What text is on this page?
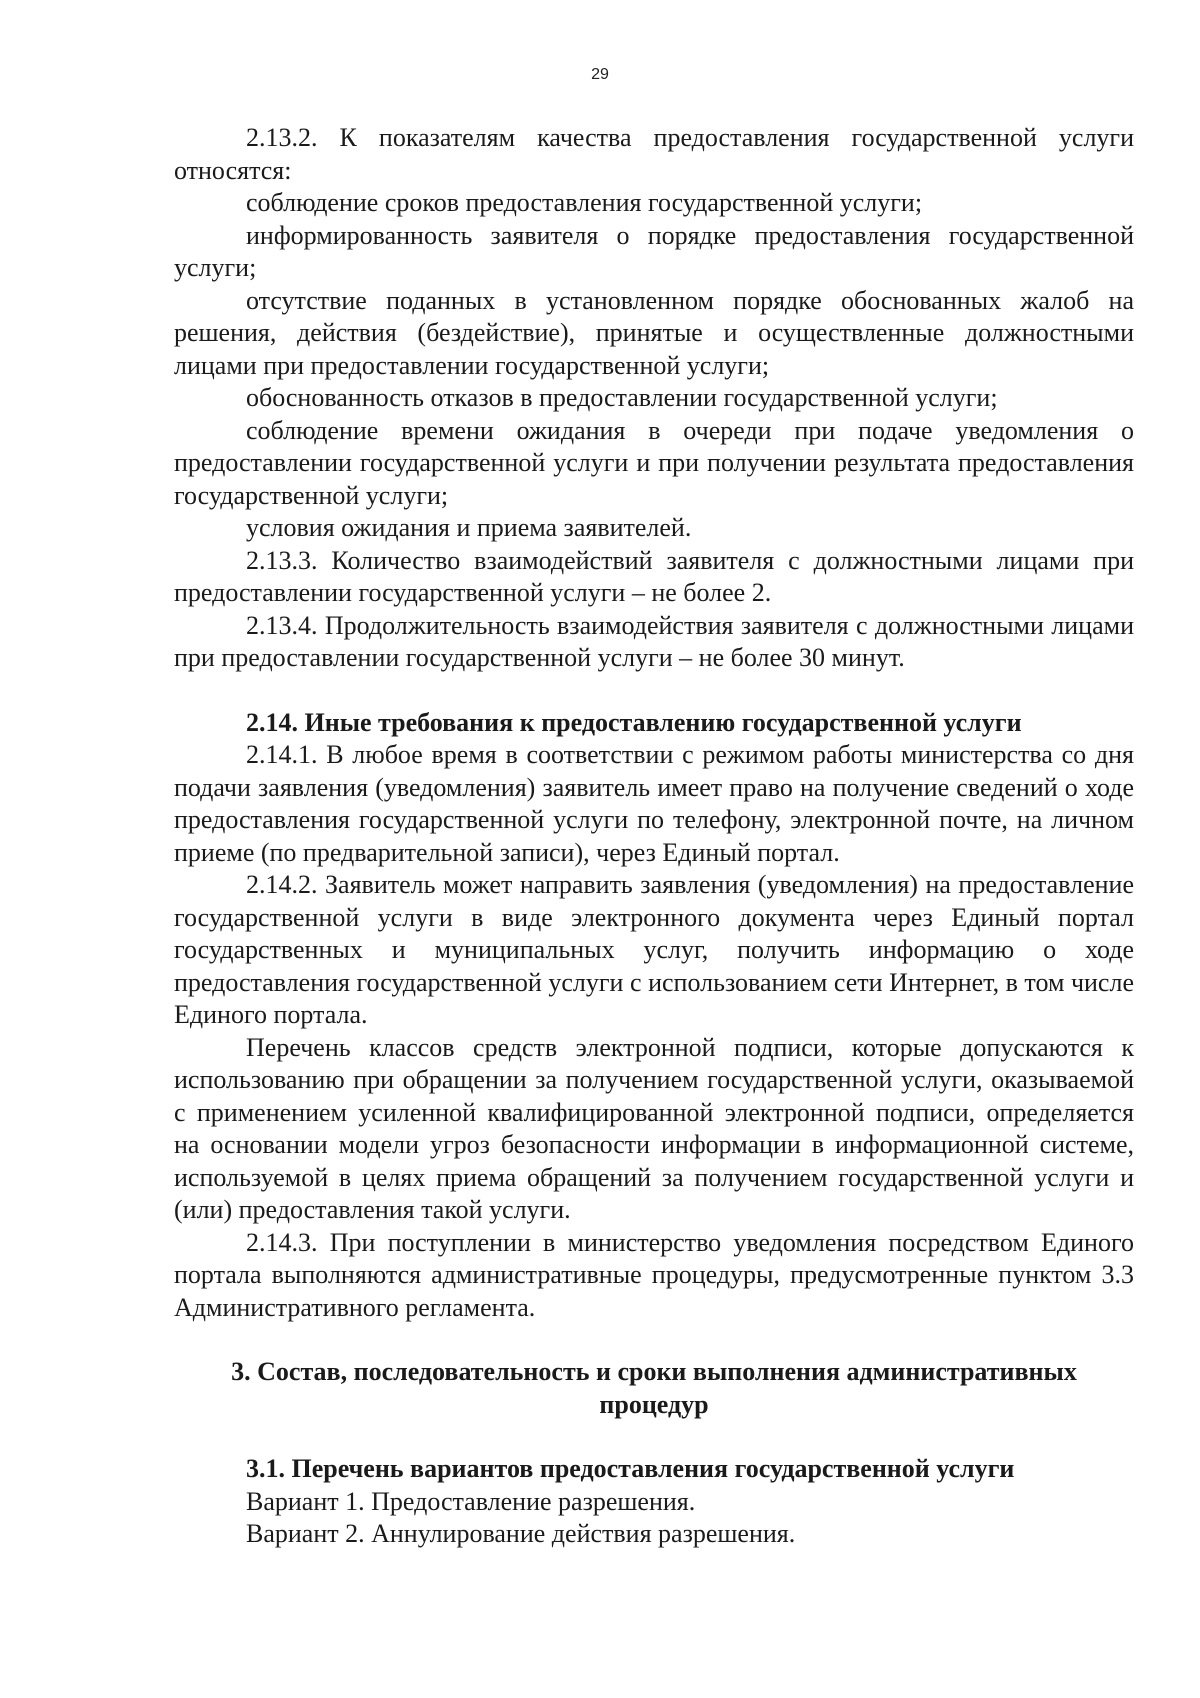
29

2.13.2. К показателям качества предоставления государственной услуги относятся:

соблюдение сроков предоставления государственной услуги;

информированность заявителя о порядке предоставления государственной услуги;

отсутствие поданных в установленном порядке обоснованных жалоб на решения, действия (бездействие), принятые и осуществленные должностными лицами при предоставлении государственной услуги;

обоснованность отказов в предоставлении государственной услуги;

соблюдение времени ожидания в очереди при подаче уведомления о предоставлении государственной услуги и при получении результата предоставления государственной услуги;

условия ожидания и приема заявителей.

2.13.3. Количество взаимодействий заявителя с должностными лицами при предоставлении государственной услуги – не более 2.

2.13.4. Продолжительность взаимодействия заявителя с должностными лицами при предоставлении государственной услуги – не более 30 минут.

2.14. Иные требования к предоставлению государственной услуги

2.14.1. В любое время в соответствии с режимом работы министерства со дня подачи заявления (уведомления) заявитель имеет право на получение сведений о ходе предоставления государственной услуги по телефону, электронной почте, на личном приеме (по предварительной записи), через Единый портал.

2.14.2. Заявитель может направить заявления (уведомления) на предоставление государственной услуги в виде электронного документа через Единый портал государственных и муниципальных услуг, получить информацию о ходе предоставления государственной услуги с использованием сети Интернет, в том числе Единого портала.

Перечень классов средств электронной подписи, которые допускаются к использованию при обращении за получением государственной услуги, оказываемой с применением усиленной квалифицированной электронной подписи, определяется на основании модели угроз безопасности информации в информационной системе, используемой в целях приема обращений за получением государственной услуги и (или) предоставления такой услуги.

2.14.3. При поступлении в министерство уведомления посредством Единого портала выполняются административные процедуры, предусмотренные пунктом 3.3 Административного регламента.

3. Состав, последовательность и сроки выполнения административных процедур
3.1. Перечень вариантов предоставления государственной услуги

Вариант 1. Предоставление разрешения.

Вариант 2. Аннулирование действия разрешения.
